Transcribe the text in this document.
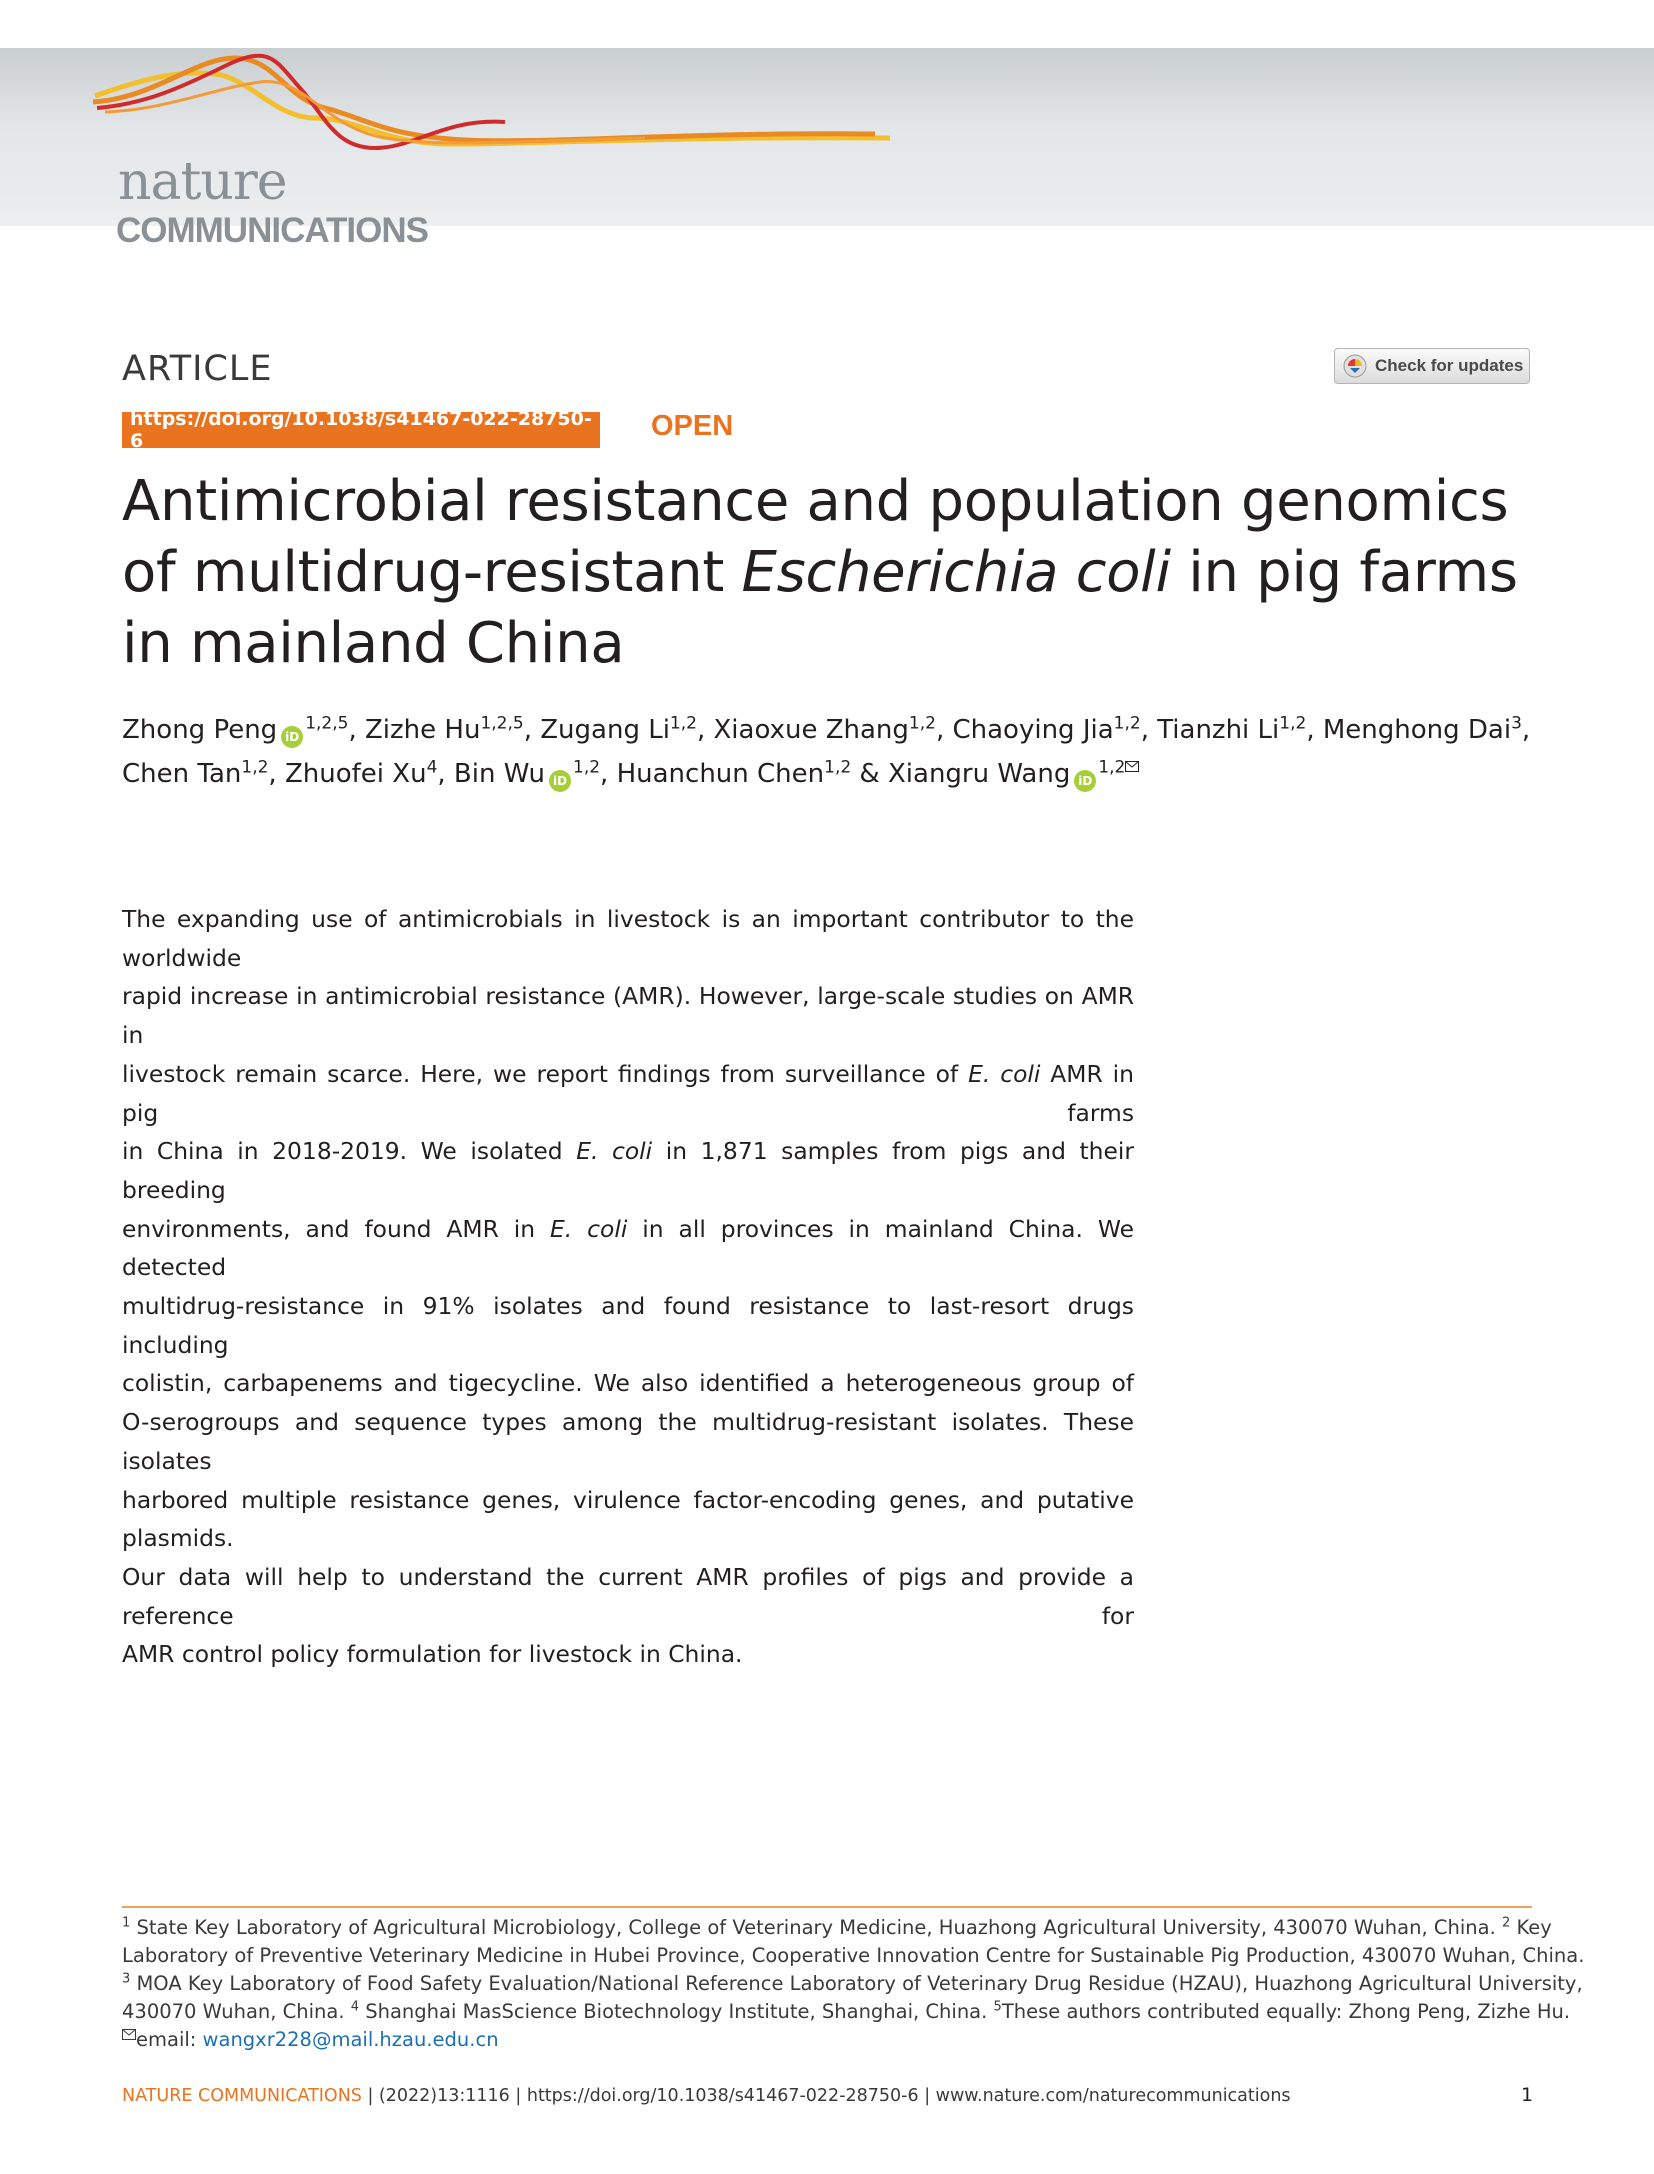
nature
COMMUNICATIONS
ARTICLE	Check for updates
https://doi.org/10.1038/s41467-022-28750-6	OPEN
Antimicrobial resistance and population genomics of multidrug-resistant Escherichia coli in pig farms in mainland China
Zhong Peng iD$^{1,2,5}$, Zizhe Hu$^{1,2,5}$, Zugang Li$^{1,2}$, Xiaoxue Zhang$^{1,2}$, Chaoying Jia$^{1,2}$, Tianzhi Li$^{1,2}$, Menghong Dai$^3$,
Chen Tan$^{1,2}$, Zhuofei Xu$^4$, Bin Wu iD$^{1,2}$, Huanchun Chen$^{1,2}$ & Xiangru Wang iD$^{1,2}$

The expanding use of antimicrobials in livestock is an important contributor to the worldwide
rapid increase in antimicrobial resistance (AMR). However, large-scale studies on AMR in
livestock remain scarce. Here, we report findings from surveillance of E. coli AMR in pig farms
in China in 2018-2019. We isolated E. coli in 1,871 samples from pigs and their breeding
environments, and found AMR in E. coli in all provinces in mainland China. We detected
multidrug-resistance in 91% isolates and found resistance to last-resort drugs including
colistin, carbapenems and tigecycline. We also identified a heterogeneous group of
O-serogroups and sequence types among the multidrug-resistant isolates. These isolates
harbored multiple resistance genes, virulence factor-encoding genes, and putative plasmids.
Our data will help to understand the current AMR profiles of pigs and provide a reference for
AMR control policy formulation for livestock in China.

$^1$ State Key Laboratory of Agricultural Microbiology, College of Veterinary Medicine, Huazhong Agricultural University, 430070 Wuhan, China. $^2$ Key
Laboratory of Preventive Veterinary Medicine in Hubei Province, Cooperative Innovation Centre for Sustainable Pig Production, 430070 Wuhan, China.
$^3$ MOA Key Laboratory of Food Safety Evaluation/National Reference Laboratory of Veterinary Drug Residue (HZAU), Huazhong Agricultural University,
430070 Wuhan, China. $^4$ Shanghai MasScience Biotechnology Institute, Shanghai, China. $^5$These authors contributed equally: Zhong Peng, Zizhe Hu.
email: wangxr228@mail.hzau.edu.cn
NATURE COMMUNICATIONS | (2022)13:1116 | https://doi.org/10.1038/s41467-022-28750-6 | www.nature.com/naturecommunications	1
